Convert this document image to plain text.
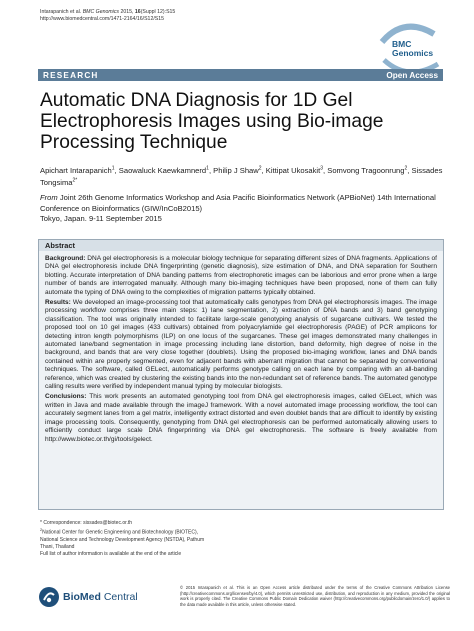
Intarapanich et al. BMC Genomics 2015, 16(Suppl 12):S15
http://www.biomedcentral.com/1471-2164/16/S12/S15
BMC
Genomics
RESEARCH	Open Access
Automatic DNA Diagnosis for 1D Gel Electrophoresis Images using Bio-image Processing Technique
Apichart Intarapanich$^1$, Saowaluck Kaewkamnerd$^1$, Philip J Shaw$^2$, Kittipat Ukosakit$^3$, Somvong Tragoonrung$^2$, Sissades Tongsima$^{2*}$
From Joint 26th Genome Informatics Workshop and Asia Pacific Bioinformatics Network (APBioNet) 14th International Conference on Bioinformatics (GIW/InCoB2015)
Tokyo, Japan. 9-11 September 2015
Abstract

Background: DNA gel electrophoresis is a molecular biology technique for separating different sizes of DNA fragments. Applications of DNA gel electrophoresis include DNA fingerprinting (genetic diagnosis), size estimation of DNA, and DNA separation for Southern blotting. Accurate interpretation of DNA banding patterns from electrophoretic images can be laborious and error prone when a large number of bands are interrogated manually. Although many bio-imaging techniques have been proposed, none of them can fully automate the typing of DNA owing to the complexities of migration patterns typically obtained.

Results: We developed an image-processing tool that automatically calls genotypes from DNA gel electrophoresis images. The image processing workflow comprises three main steps: 1) lane segmentation, 2) extraction of DNA bands and 3) band genotyping classification. The tool was originally intended to facilitate large-scale genotyping analysis of sugarcane cultivars. We tested the proposed tool on 10 gel images (433 cultivars) obtained from polyacrylamide gel electrophoresis (PAGE) of PCR amplicons for detecting intron length polymorphisms (ILP) on one locus of the sugarcanes. These gel images demonstrated many challenges in automated lane/band segmentation in image processing including lane distortion, band deformity, high degree of noise in the background, and bands that are very close together (doublets). Using the proposed bio-imaging workflow, lanes and DNA bands contained within are properly segmented, even for adjacent bands with aberrant migration that cannot be separated by conventional techniques. The software, called GELect, automatically performs genotype calling on each lane by comparing with an all-banding reference, which was created by clustering the existing bands into the non-redundant set of reference bands. The automated genotype calling results were verified by independent manual typing by molecular biologists.

Conclusions: This work presents an automated genotyping tool from DNA gel electrophoresis images, called GELect, which was written in Java and made available through the imageJ framework. With a novel automated image processing workflow, the tool can accurately segment lanes from a gel matrix, intelligently extract distorted and even doublet bands that are difficult to identify by existing image processing tools. Consequently, genotyping from DNA gel electrophoresis can be performed automatically allowing users to efficiently conduct large scale DNA fingerprinting via DNA gel electrophoresis. The software is freely available from http://www.biotec.or.th/gi/tools/gelect.

* Correspondence: sissades@biotec.or.th
$^2$National Center for Genetic Engineering and Biotechnology (BIOTEC),
National Science and Technology Development Agency (NSTDA), Pathum
Thani, Thailand
Full list of author information is available at the end of the article
BioMed Central
© 2015 Intarapanich et al. This is an Open Access article distributed under the terms of the Creative Commons Attribution License (http://creativecommons.org/licenses/by/4.0), which permits unrestricted use, distribution, and reproduction in any medium, provided the original work is properly cited. The Creative Commons Public Domain Dedication waiver (http://creativecommons.org/publicdomain/zero/1.0/) applies to the data made available in this article, unless otherwise stated.
